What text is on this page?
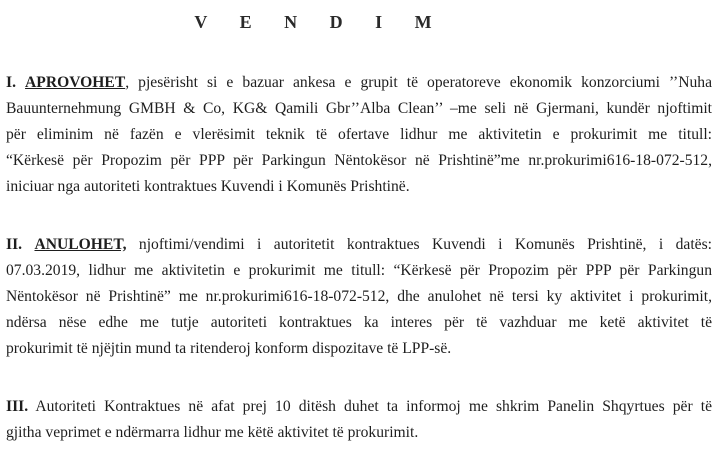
V E N D I M
I. APROVOHET, pjesërisht si e bazuar ankesa e grupit të operatoreve ekonomik konzorciumi ’’Nuha
Bauunternehmung GMBH & Co, KG& Qamili Gbr’’Alba Clean’’ –me seli në Gjermani, kundër njoftimit
për eliminim në fazën e vlerësimit teknik të ofertave lidhur me aktivitetin e prokurimit me titull:
“Kërkesë për Propozim për PPP për Parkingun Nëntokësor në Prishtinë”me nr.prokurimi616-18-072-512,
iniciuar nga autoriteti kontraktues Kuvendi i Komunës Prishtinë.
II. ANULOHET, njoftimi/vendimi i autoritetit kontraktues Kuvendi i Komunës Prishtinë, i datës:
07.03.2019, lidhur me aktivitetin e prokurimit me titull: “Kërkesë për Propozim për PPP për Parkingun
Nëntokësor në Prishtinë” me nr.prokurimi616-18-072-512, dhe anulohet në tersi ky aktivitet i prokurimit,
ndërsa nëse edhe me tutje autoriteti kontraktues ka interes për të vazhduar me ketë aktivitet të
prokurimit të njëjtin mund ta ritenderoj konform dispozitave të LPP-së.
III. Autoriteti Kontraktues në afat prej 10 ditësh duhet ta informoj me shkrim Panelin Shqyrtues për të
gjitha veprimet e ndërmarra lidhur me këtë aktivitet të prokurimit.
